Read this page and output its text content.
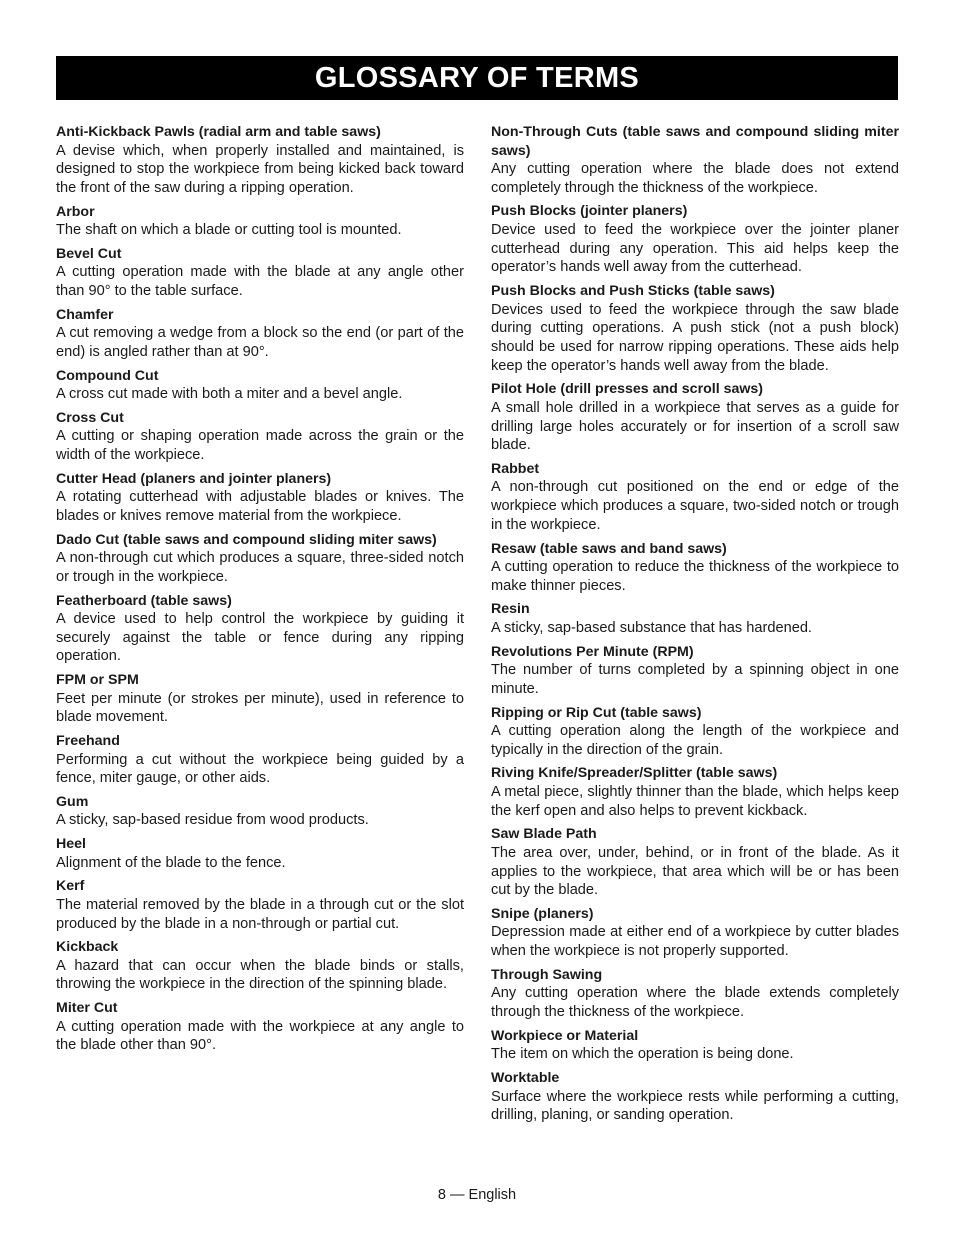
GLOSSARY OF TERMS

Anti-Kickback Pawls (radial arm and table saws)

A devise which, when properly installed and maintained, is designed to stop the workpiece from being kicked back toward the front of the saw during a ripping operation.

Arbor

The shaft on which a blade or cutting tool is mounted.

Bevel Cut

A cutting operation made with the blade at any angle other than 90° to the table surface.

Chamfer

A cut removing a wedge from a block so the end (or part of the end) is angled rather than at 90°.

Compound Cut

A cross cut made with both a miter and a bevel angle.

Cross Cut

A cutting or shaping operation made across the grain or the width of the workpiece.

Cutter Head (planers and jointer planers)

A rotating cutterhead with adjustable blades or knives. The blades or knives remove material from the workpiece.

Dado Cut (table saws and compound sliding miter saws)

A non-through cut which produces a square, three-sided notch or trough in the workpiece.

Featherboard (table saws)

A device used to help control the workpiece by guiding it securely against the table or fence during any ripping operation.

FPM or SPM

Feet per minute (or strokes per minute), used in reference to blade movement.

Freehand

Performing a cut without the workpiece being guided by a fence, miter gauge, or other aids.

Gum

A sticky, sap-based residue from wood products.

Heel

Alignment of the blade to the fence.

Kerf

The material removed by the blade in a through cut or the slot produced by the blade in a non-through or partial cut.

Kickback

A hazard that can occur when the blade binds or stalls, throwing the workpiece in the direction of the spinning blade.

Miter Cut

A cutting operation made with the workpiece at any angle to the blade other than 90°.

Non-Through Cuts (table saws and compound sliding miter saws)

Any cutting operation where the blade does not extend completely through the thickness of the workpiece.

Push Blocks (jointer planers)

Device used to feed the workpiece over the jointer planer cutterhead during any operation. This aid helps keep the operator’s hands well away from the cutterhead.

Push Blocks and Push Sticks (table saws)

Devices used to feed the workpiece through the saw blade during cutting operations. A push stick (not a push block) should be used for narrow ripping operations. These aids help keep the operator’s hands well away from the blade.

Pilot Hole (drill presses and scroll saws)

A small hole drilled in a workpiece that serves as a guide for drilling large holes accurately or for insertion of a scroll saw blade.

Rabbet

A non-through cut positioned on the end or edge of the workpiece which produces a square, two-sided notch or trough in the workpiece.

Resaw (table saws and band saws)

A cutting operation to reduce the thickness of the workpiece to make thinner pieces.

Resin

A sticky, sap-based substance that has hardened.

Revolutions Per Minute (RPM)

The number of turns completed by a spinning object in one minute.

Ripping or Rip Cut (table saws)

A cutting operation along the length of the workpiece and typically in the direction of the grain.

Riving Knife/Spreader/Splitter (table saws)

A metal piece, slightly thinner than the blade, which helps keep the kerf open and also helps to prevent kickback.

Saw Blade Path

The area over, under, behind, or in front of the blade. As it applies to the workpiece, that area which will be or has been cut by the blade.

Snipe (planers)

Depression made at either end of a workpiece by cutter blades when the workpiece is not properly supported.

Through Sawing

Any cutting operation where the blade extends completely through the thickness of the workpiece.

Workpiece or Material

The item on which the operation is being done.

Worktable

Surface where the workpiece rests while performing a cutting, drilling, planing, or sanding operation.

8 — English
